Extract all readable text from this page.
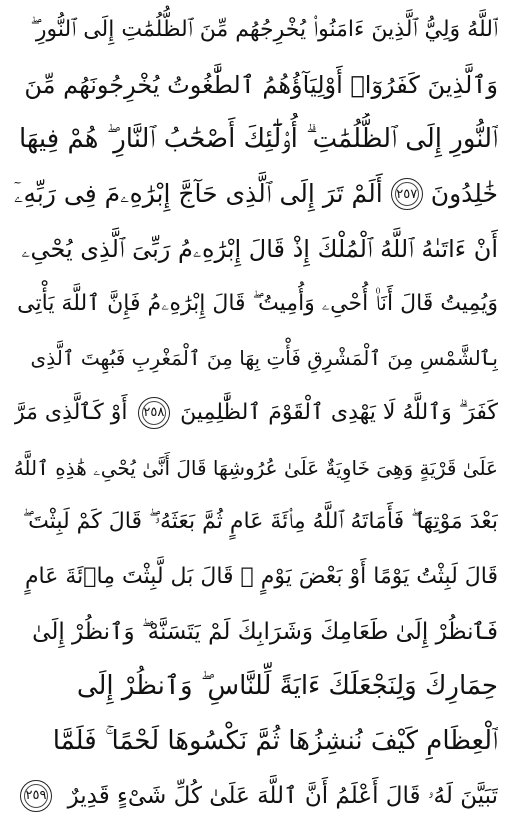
ٱللَّهُ وَلِيُّ ٱلَّذِينَ ءَامَنُوا۟ يُخْرِجُهُم مِّنَ ٱلظُّلُمَٰتِ إِلَى ٱلنُّورِ ۖ
وَٱلَّذِينَ كَفَرُوٓا۟ أَوْلِيَآؤُهُمُ ٱلطَّٰغُوتُ يُخْرِجُونَهُم مِّنَ
ٱلنُّورِ إِلَى ٱلظُّلُمَٰتِ ۗ أُو۟لَٰٓئِكَ أَصْحَٰبُ ٱلنَّارِ ۖ هُمْ فِيهَا
خَٰلِدُونَ
٢٥٧
أَلَمْ تَرَ إِلَى ٱلَّذِى حَآجَّ إِبْرَٰهِۦمَ فِى رَبِّهِۦٓ
أَنْ ءَاتَىٰهُ ٱللَّهُ ٱلْمُلْكَ إِذْ قَالَ إِبْرَٰهِۦمُ رَبِّىَ ٱلَّذِى يُحْىِۦ
وَيُمِيتُ قَالَ أَنَا۠ أُحْىِۦ وَأُمِيتُ ۖ قَالَ إِبْرَٰهِۦمُ فَإِنَّ ٱللَّهَ يَأْتِى
بِٱلشَّمْسِ مِنَ ٱلْمَشْرِقِ فَأْتِ بِهَا مِنَ ٱلْمَغْرِبِ فَبُهِتَ ٱلَّذِى
كَفَرَ ۗ وَٱللَّهُ لَا يَهْدِى ٱلْقَوْمَ ٱلظَّٰلِمِينَ
٢٥٨
أَوْ كَٱلَّذِى مَرَّ
عَلَىٰ قَرْيَةٍ وَهِىَ خَاوِيَةٌ عَلَىٰ عُرُوشِهَا قَالَ أَنَّىٰ يُحْىِۦ هَٰذِهِ ٱللَّهُ
بَعْدَ مَوْتِهَا ۖ فَأَمَاتَهُ ٱللَّهُ مِا۟ئَةَ عَامٍ ثُمَّ بَعَثَهُۥ ۖ قَالَ كَمْ لَبِثْتَ ۖ
قَالَ لَبِثْتُ يَوْمًا أَوْ بَعْضَ يَوْمٍ ۖ قَالَ بَل لَّبِثْتَ مِا۟ئَةَ عَامٍ
فَٱنظُرْ إِلَىٰ طَعَامِكَ وَشَرَابِكَ لَمْ يَتَسَنَّهْ ۖ وَٱنظُرْ إِلَىٰ
حِمَارِكَ وَلِنَجْعَلَكَ ءَايَةً لِّلنَّاسِ ۖ وَٱنظُرْ إِلَى
ٱلْعِظَامِ كَيْفَ نُنشِزُهَا ثُمَّ نَكْسُوهَا لَحْمًا ۚ فَلَمَّا
تَبَيَّنَ لَهُۥ قَالَ أَعْلَمُ أَنَّ ٱللَّهَ عَلَىٰ كُلِّ شَىْءٍ قَدِيرٌ
٢٥٩
